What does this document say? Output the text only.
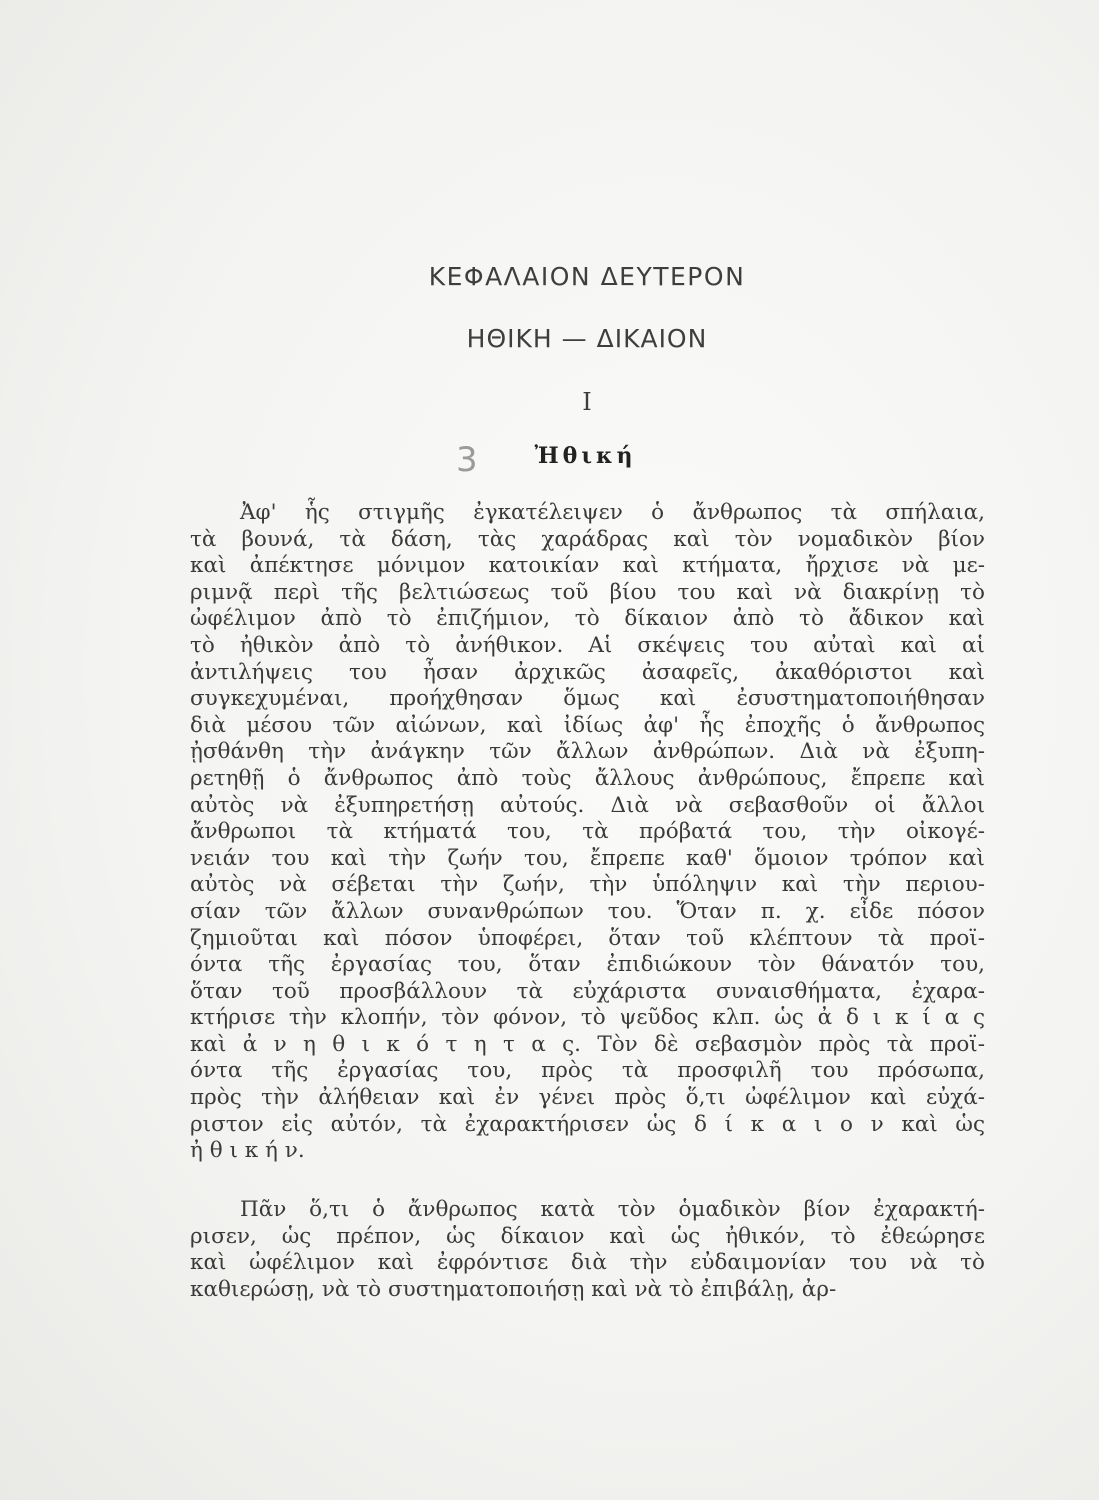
ΚΕΦΑΛΑΙΟΝ ΔΕΥΤΕΡΟΝ
ΗΘΙΚΗ — ΔΙΚΑΙΟΝ
Ι
Ἠθική
3
Ἀφ' ἧς στιγμῆς ἐγκατέλειψεν ὁ ἄνθρωπος τὰ σπήλαια,
τὰ βουνά, τὰ δάση, τὰς χαράδρας καὶ τὸν νομαδικὸν βίον
καὶ ἀπέκτησε μόνιμον κατοικίαν καὶ κτήματα, ἤρχισε νὰ με-
ριμνᾷ περὶ τῆς βελτιώσεως τοῦ βίου του καὶ νὰ διακρίνῃ τὸ
ὠφέλιμον ἀπὸ τὸ ἐπιζήμιον, τὸ δίκαιον ἀπὸ τὸ ἄδικον καὶ
τὸ ἠθικὸν ἀπὸ τὸ ἀνήθικον. Αἱ σκέψεις του αὐταὶ καὶ αἱ
ἀντιλήψεις του ἦσαν ἀρχικῶς ἀσαφεῖς, ἀκαθόριστοι καὶ
συγκεχυμέναι, προήχθησαν ὅμως καὶ ἐσυστηματοποιήθησαν
διὰ μέσου τῶν αἰώνων, καὶ ἰδίως ἀφ' ἧς ἐποχῆς ὁ ἄνθρωπος
ᾐσθάνθη τὴν ἀνάγκην τῶν ἄλλων ἀνθρώπων. Διὰ νὰ ἐξυπη-
ρετηθῇ ὁ ἄνθρωπος ἀπὸ τοὺς ἄλλους ἀνθρώπους, ἔπρεπε καὶ
αὐτὸς νὰ ἐξυπηρετήσῃ αὐτούς. Διὰ νὰ σεβασθοῦν οἱ ἄλλοι
ἄνθρωποι τὰ κτήματά του, τὰ πρόβατά του, τὴν οἰκογέ-
νειάν του καὶ τὴν ζωήν του, ἔπρεπε καθ' ὅμοιον τρόπον καὶ
αὐτὸς νὰ σέβεται τὴν ζωήν, τὴν ὑπόληψιν καὶ τὴν περιου-
σίαν τῶν ἄλλων συνανθρώπων του. Ὅταν π. χ. εἶδε πόσον
ζημιοῦται καὶ πόσον ὑποφέρει, ὅταν τοῦ κλέπτουν τὰ προϊ-
όντα τῆς ἐργασίας του, ὅταν ἐπιδιώκουν τὸν θάνατόν του,
ὅταν τοῦ προσβάλλουν τὰ εὐχάριστα συναισθήματα, ἐχαρα-
κτήρισε τὴν κλοπήν, τὸν φόνον, τὸ ψεῦδος κλπ. ὡς ἀ δ ι κ ί α ς
καὶ ἀ ν η θ ι κ ό τ η τ α ς. Τὸν δὲ σεβασμὸν πρὸς τὰ προϊ-
όντα τῆς ἐργασίας του, πρὸς τὰ προσφιλῆ του πρόσωπα,
πρὸς τὴν ἀλήθειαν καὶ ἐν γένει πρὸς ὅ,τι ὠφέλιμον καὶ εὐχά-
ριστον εἰς αὐτόν, τὰ ἐχαρακτήρισεν ὡς δ ί κ α ι ο ν καὶ ὡς
ἠ θ ι κ ή ν.
Πᾶν ὅ,τι ὁ ἄνθρωπος κατὰ τὸν ὁμαδικὸν βίον ἐχαρακτή-
ρισεν, ὡς πρέπον, ὡς δίκαιον καὶ ὡς ἠθικόν, τὸ ἐθεώρησε
καὶ ὠφέλιμον καὶ ἐφρόντισε διὰ τὴν εὐδαιμονίαν του νὰ τὸ
καθιερώσῃ, νὰ τὸ συστηματοποιήσῃ καὶ νὰ τὸ ἐπιβάλῃ, ἀρ-
